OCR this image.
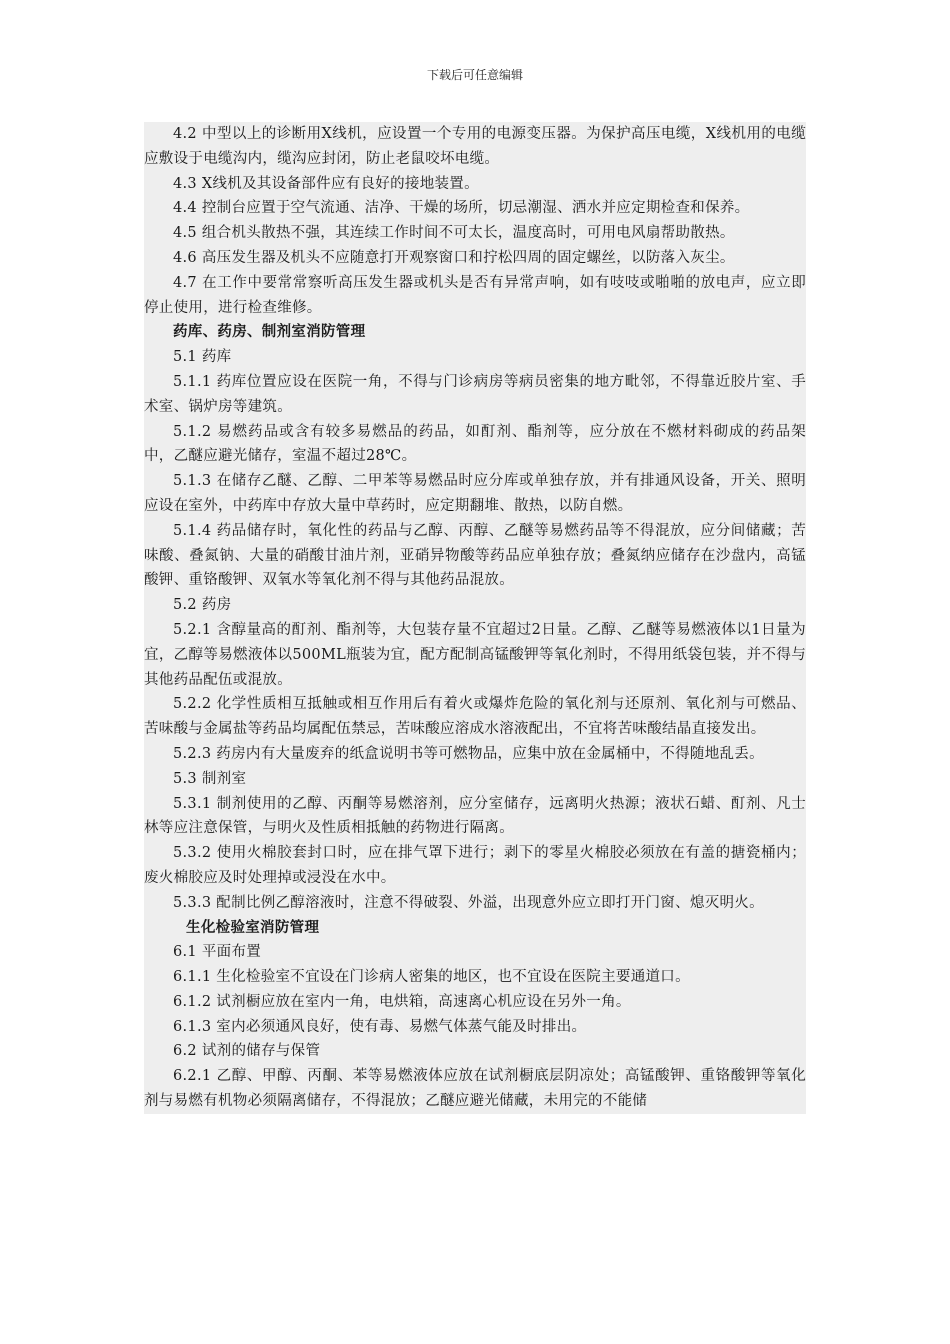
下载后可任意编辑

4.2 中型以上的诊断用X线机，应设置一个专用的电源变压器。为保护高压电缆，X线机用的电缆应敷设于电缆沟内，缆沟应封闭，防止老鼠咬坏电缆。

4.3 X线机及其设备部件应有良好的接地装置。

4.4 控制台应置于空气流通、洁净、干燥的场所，切忌潮湿、洒水并应定期检查和保养。

4.5 组合机头散热不强，其连续工作时间不可太长，温度高时，可用电风扇帮助散热。

4.6 高压发生器及机头不应随意打开观察窗口和拧松四周的固定螺丝，以防落入灰尘。

4.7 在工作中要常常察听高压发生器或机头是否有异常声响，如有吱吱或啪啪的放电声，应立即停止使用，进行检查维修。

药库、药房、制剂室消防管理

5.1 药库

5.1.1 药库位置应设在医院一角，不得与门诊病房等病员密集的地方毗邻，不得靠近胶片室、手术室、锅炉房等建筑。

5.1.2 易燃药品或含有较多易燃品的药品，如酊剂、酯剂等，应分放在不燃材料砌成的药品架中，乙醚应避光储存，室温不超过28℃。

5.1.3 在储存乙醚、乙醇、二甲苯等易燃品时应分库或单独存放，并有排通风设备，开关、照明应设在室外，中药库中存放大量中草药时，应定期翻堆、散热，以防自燃。

5.1.4 药品储存时，氧化性的药品与乙醇、丙醇、乙醚等易燃药品等不得混放，应分间储藏；苦味酸、叠氮钠、大量的硝酸甘油片剂，亚硝异物酸等药品应单独存放；叠氮纳应储存在沙盘内，高锰酸钾、重铬酸钾、双氧水等氧化剂不得与其他药品混放。

5.2 药房

5.2.1 含醇量高的酊剂、酯剂等，大包装存量不宜超过2日量。乙醇、乙醚等易燃液体以1日量为宜，乙醇等易燃液体以500ML瓶装为宜，配方配制高锰酸钾等氧化剂时，不得用纸袋包装，并不得与其他药品配伍或混放。

5.2.2 化学性质相互抵触或相互作用后有着火或爆炸危险的氧化剂与还原剂、氧化剂与可燃品、苦味酸与金属盐等药品均属配伍禁忌，苦味酸应溶成水溶液配出，不宜将苦味酸结晶直接发出。

5.2.3 药房内有大量废弃的纸盒说明书等可燃物品，应集中放在金属桶中，不得随地乱丢。

5.3 制剂室

5.3.1 制剂使用的乙醇、丙酮等易燃溶剂，应分室储存，远离明火热源；液状石蜡、酊剂、凡士林等应注意保管，与明火及性质相抵触的药物进行隔离。

5.3.2 使用火棉胶套封口时，应在排气罩下进行；剥下的零星火棉胶必须放在有盖的搪瓷桶内；废火棉胶应及时处理掉或浸没在水中。

5.3.3 配制比例乙醇溶液时，注意不得破裂、外溢，出现意外应立即打开门窗、熄灭明火。

生化检验室消防管理

6.1 平面布置

6.1.1 生化检验室不宜设在门诊病人密集的地区，也不宜设在医院主要通道口。

6.1.2 试剂橱应放在室内一角，电烘箱，高速离心机应设在另外一角。

6.1.3 室内必须通风良好，使有毒、易燃气体蒸气能及时排出。

6.2 试剂的储存与保管

6.2.1 乙醇、甲醇、丙酮、苯等易燃液体应放在试剂橱底层阴凉处；高锰酸钾、重铬酸钾等氧化剂与易燃有机物必须隔离储存，不得混放；乙醚应避光储藏，未用完的不能储
